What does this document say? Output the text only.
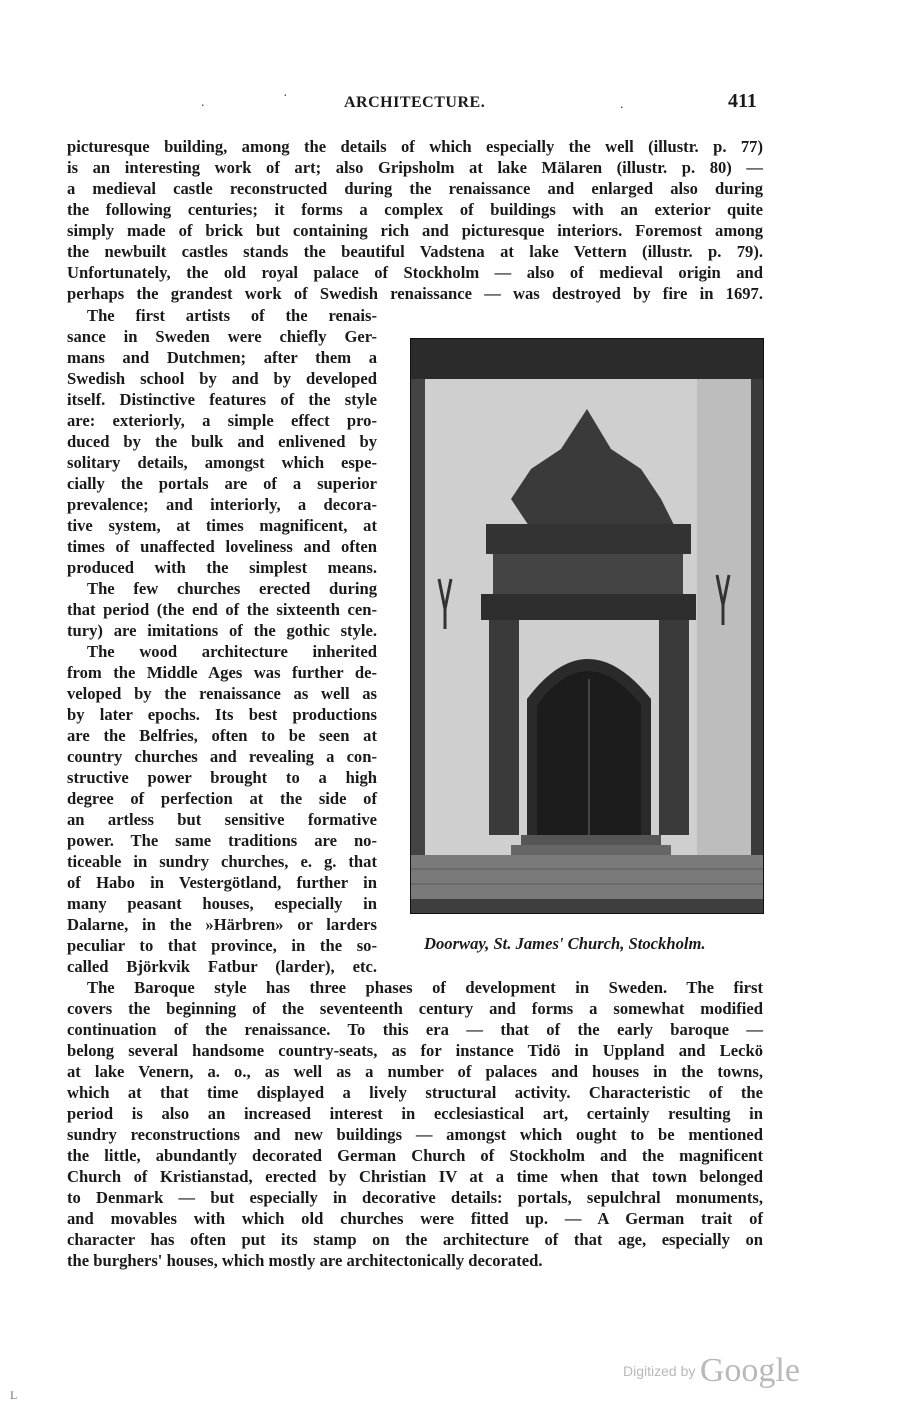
.	·	ARCHITECTURE.	.	411
picturesque building, among the details of which especially the well (illustr. p. 77)
is an interesting work of art; also Gripsholm at lake Mälaren (illustr. p. 80) —
a medieval castle reconstructed during the renaissance and enlarged also during
the following centuries; it forms a complex of buildings with an exterior quite
simply made of brick but containing rich and picturesque interiors. Foremost among
the newbuilt castles stands the beautiful Vadstena at lake Vettern (illustr. p. 79).
Unfortunately, the old royal palace of Stockholm — also of medieval origin and
perhaps the grandest work of Swedish renaissance — was destroyed by fire in 1697.
The first artists of the renais-
sance in Sweden were chiefly Ger-
mans and Dutchmen; after them a
Swedish school by and by developed
itself. Distinctive features of the style
are: exteriorly, a simple effect pro-
duced by the bulk and enlivened by
solitary details, amongst which espe-
cially the portals are of a superior
prevalence; and interiorly, a decora-
tive system, at times magnificent, at
times of unaffected loveliness and often
produced with the simplest means.
The few churches erected during
that period (the end of the sixteenth cen-
tury) are imitations of the gothic style.
The wood architecture inherited
from the Middle Ages was further de-
veloped by the renaissance as well as
by later epochs. Its best productions
are the Belfries, often to be seen at
country churches and revealing a con-
structive power brought to a high
degree of perfection at the side of
an artless but sensitive formative
power. The same traditions are no-
ticeable in sundry churches, e. g. that
of Habo in Vestergötland, further in
many peasant houses, especially in
Dalarne, in the »Härbren» or larders
peculiar to that province, in the so-
called Björkvik Fatbur (larder), etc.
Doorway, St. James' Church, Stockholm.
The Baroque style has three phases of development in Sweden. The first
covers the beginning of the seventeenth century and forms a somewhat modified
continuation of the renaissance. To this era — that of the early baroque —
belong several handsome country-seats, as for instance Tidö in Uppland and Leckö
at lake Venern, a. o., as well as a number of palaces and houses in the towns,
which at that time displayed a lively structural activity. Characteristic of the
period is also an increased interest in ecclesiastical art, certainly resulting in
sundry reconstructions and new buildings — amongst which ought to be mentioned
the little, abundantly decorated German Church of Stockholm and the magnificent
Church of Kristianstad, erected by Christian IV at a time when that town belonged
to Denmark — but especially in decorative details: portals, sepulchral monuments,
and movables with which old churches were fitted up. — A German trait of
character has often put its stamp on the architecture of that age, especially on
the burghers' houses, which mostly are architectonically decorated.
Digitized by Google
L
